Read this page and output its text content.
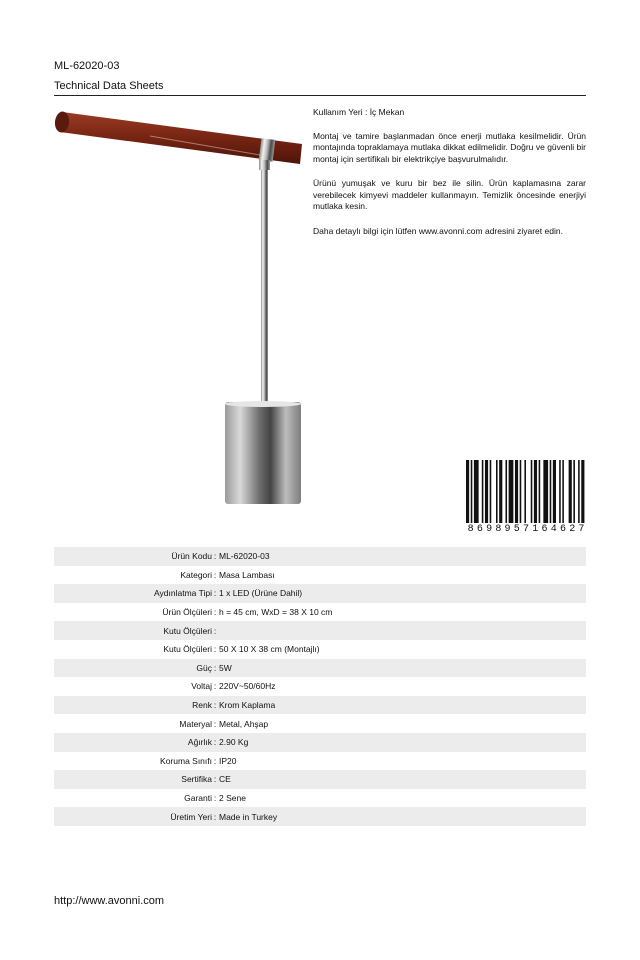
ML-62020-03
Technical Data Sheets

Kullanım Yeri : İç Mekan

Montaj ve tamire başlanmadan önce enerji mutlaka kesilmelidir. Ürün montajında topraklamaya mutlaka dikkat edilmelidir. Doğru ve güvenli bir montaj için sertifikalı bir elektrikçiye başvurulmalıdır.

Ürünü yumuşak ve kuru bir bez ile silin. Ürün kaplamasına zarar verebilecek kimyevi maddeler kullanmayın. Temizlik öncesinde enerjiyi mutlaka kesin.

Daha detaylı bilgi için lütfen www.avonni.com adresini ziyaret edin.

8 6 9 8 9 5 7 1 6 4 6 2 7
Ürün Kodu : ML-62020-03
Kategori : Masa Lambası
Aydınlatma Tipi : 1 x LED (Ürüne Dahil)
Ürün Ölçüleri : h = 45 cm, WxD = 38 X 10 cm
Kutu Ölçüleri :
Kutu Ölçüleri : 50 X 10 X 38 cm (Montajlı)
Güç : 5W
Voltaj : 220V~50/60Hz
Renk : Krom Kaplama
Materyal : Metal, Ahşap
Ağırlık : 2.90 Kg
Koruma Sınıfı : IP20
Sertifika : CE
Garanti : 2 Sene
Üretim Yeri : Made in Turkey
http://www.avonni.com
